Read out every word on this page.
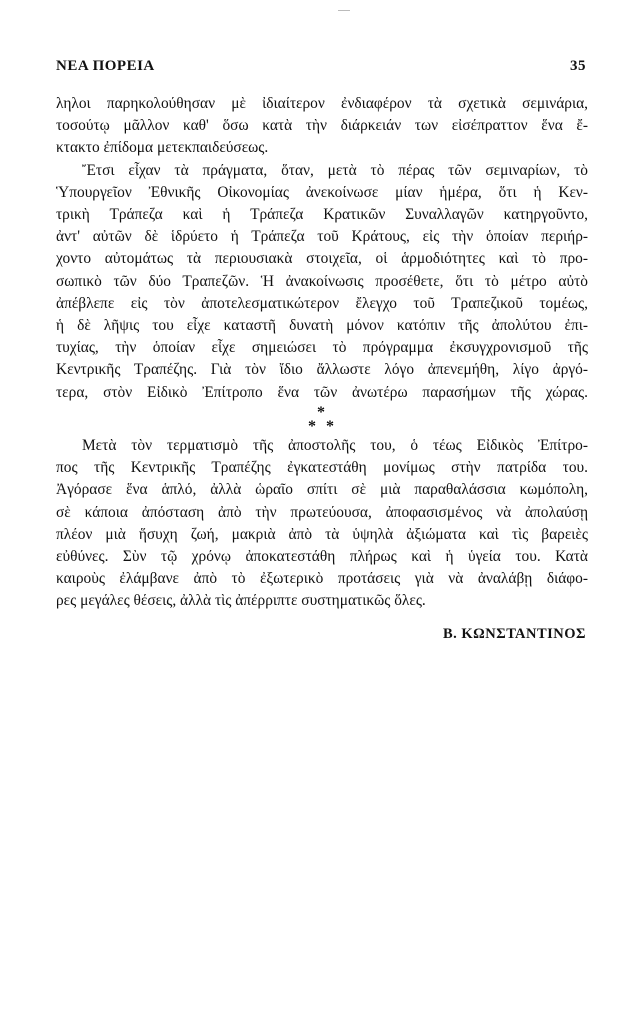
ΝΕΑ ΠΟΡΕΙΑ	35
ληλοι παρηκολούθησαν μὲ ἰδιαίτερον ἐνδιαφέρον τὰ σχετικὰ σεμινάρια,
τοσούτῳ μᾶλλον καθ' ὅσω κατὰ τὴν διάρκειάν των εἰσέπραττον ἕνα ἔ-
κτακτο ἐπίδομα μετεκπαιδεύσεως.
Ἔτσι εἶχαν τὰ πράγματα, ὅταν, μετὰ τὸ πέρας τῶν σεμιναρίων, τὸ
Ὑπουργεῖον Ἐθνικῆς Οἰκονομίας ἀνεκοίνωσε μίαν ἡμέρα, ὅτι ἡ Κεν-
τρικὴ Τράπεζα καὶ ἡ Τράπεζα Κρατικῶν Συναλλαγῶν κατηργοῦντο,
ἀντ' αὐτῶν δὲ ἱδρύετο ἡ Τράπεζα τοῦ Κράτους, εἰς τὴν ὁποίαν περιήρ-
χοντο αὐτομάτως τὰ περιουσιακὰ στοιχεῖα, οἱ ἁρμοδιότητες καὶ τὸ προ-
σωπικὸ τῶν δύο Τραπεζῶν. Ἡ ἀνακοίνωσις προσέθετε, ὅτι τὸ μέτρο αὐτὸ
ἀπέβλεπε εἰς τὸν ἀποτελεσματικώτερον ἔλεγχο τοῦ Τραπεζικοῦ τομέως,
ἡ δὲ λῆψις του εἶχε καταστῆ δυνατὴ μόνον κατόπιν τῆς ἀπολύτου ἐπι-
τυχίας, τὴν ὁποίαν εἶχε σημειώσει τὸ πρόγραμμα ἐκσυγχρονισμοῦ τῆς
Κεντρικῆς Τραπέζης. Γιὰ τὸν ἴδιο ἄλλωστε λόγο ἀπενεμήθη, λίγο ἀργό-
τερα, στὸν Εἰδικὸ Ἐπίτροπο ἕνα τῶν ἀνωτέρω παρασήμων τῆς χώρας.
*
**
Μετὰ τὸν τερματισμὸ τῆς ἀποστολῆς του, ὁ τέως Εἰδικὸς Ἐπίτρο-
πος τῆς Κεντρικῆς Τραπέζης ἐγκατεστάθη μονίμως στὴν πατρίδα του.
Ἀγόρασε ἕνα ἁπλό, ἀλλὰ ὡραῖο σπίτι σὲ μιὰ παραθαλάσσια κωμόπολη,
σὲ κάποια ἀπόσταση ἀπὸ τὴν πρωτεύουσα, ἀποφασισμένος νὰ ἀπολαύσῃ
πλέον μιὰ ἥσυχη ζωή, μακριὰ ἀπὸ τὰ ὑψηλὰ ἀξιώματα καὶ τὶς βαρειὲς
εὐθύνες. Σὺν τῷ χρόνῳ ἀποκατεστάθη πλήρως καὶ ἡ ὑγεία του. Κατὰ
καιροὺς ἐλάμβανε ἀπὸ τὸ ἐξωτερικὸ προτάσεις γιὰ νὰ ἀναλάβῃ διάφο-
ρες μεγάλες θέσεις, ἀλλὰ τὶς ἀπέρριπτε συστηματικῶς ὅλες.
Β. ΚΩΝΣΤΑΝΤΙΝΟΣ
